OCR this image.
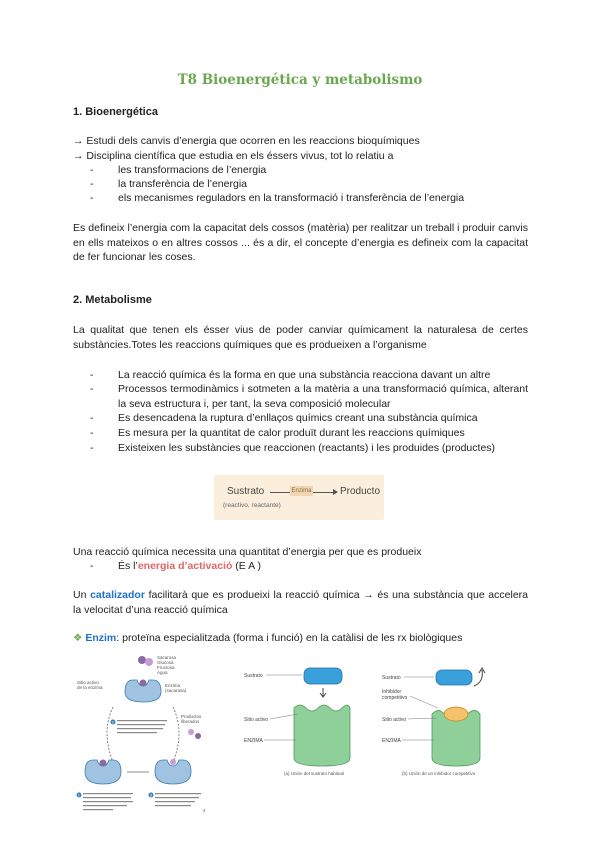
T8 Bioenergética y metabolismo
1. Bioenergética
→ Estudi dels canvis d’energia que ocorren en les reaccions bioquímiques
→ Disciplina científica que estudia en els éssers vivus, tot lo relatiu a
- les transformacions de l’energia
- la transferència de l’energia
- els mecanismes reguladors en la transformació i transferència de l’energia
Es defineix l’energia com la capacitat dels cossos (matèria) per realitzar un treball i produir canvis en ells mateixos o en altres cossos ... és a dir, el concepte d’energia es defineix com la capacitat de fer funcionar les coses.
2. Metabolisme
La qualitat que tenen els ésser vius de poder canviar químicament la naturalesa de certes substàncies.Totes les reaccions químiques que es produeixen a l’organisme
- La reacció química és la forma en que una substància reacciona davant un altre
- Processos termodinàmics i sotmeten a la matèria a una transformació química, alterant la seva estructura i, per tant, la seva composició molecular
- Es desencadena la ruptura d’enllaços químics creant una substància química
- Es mesura per la quantitat de calor produït durant les reaccions químiques
- Existeixen les substàncies que reaccionen (reactants) i les produides (productes)
Sustrato
(reactivo, reactante)
Enzima	Producto
Una reacció química necessita una quantitat d’energia per que es produeix
- És l’energia d’activació (E A )
Un catalizador facilitarà que es produeixi la reacció química → és una substància que accelera la velocitat d’una reacció química
❖ Enzim: proteïna especialitzada (forma i funció) en la catàlisi de les rx biològiques
Sacarosa
Glucosa
Fructosa
Agua
Enzima
(sacarasa)
Sitio activo
de la enzima
2
Productos
liberados
1	3
4
Sustrato
Sitio activo
ENZIMA
(a) Unión del sustrato habitual
Sustrato
Inhibidor
competitivo
Sitio activo
ENZIMA
(b) Unión de un inhibidor competitivo
